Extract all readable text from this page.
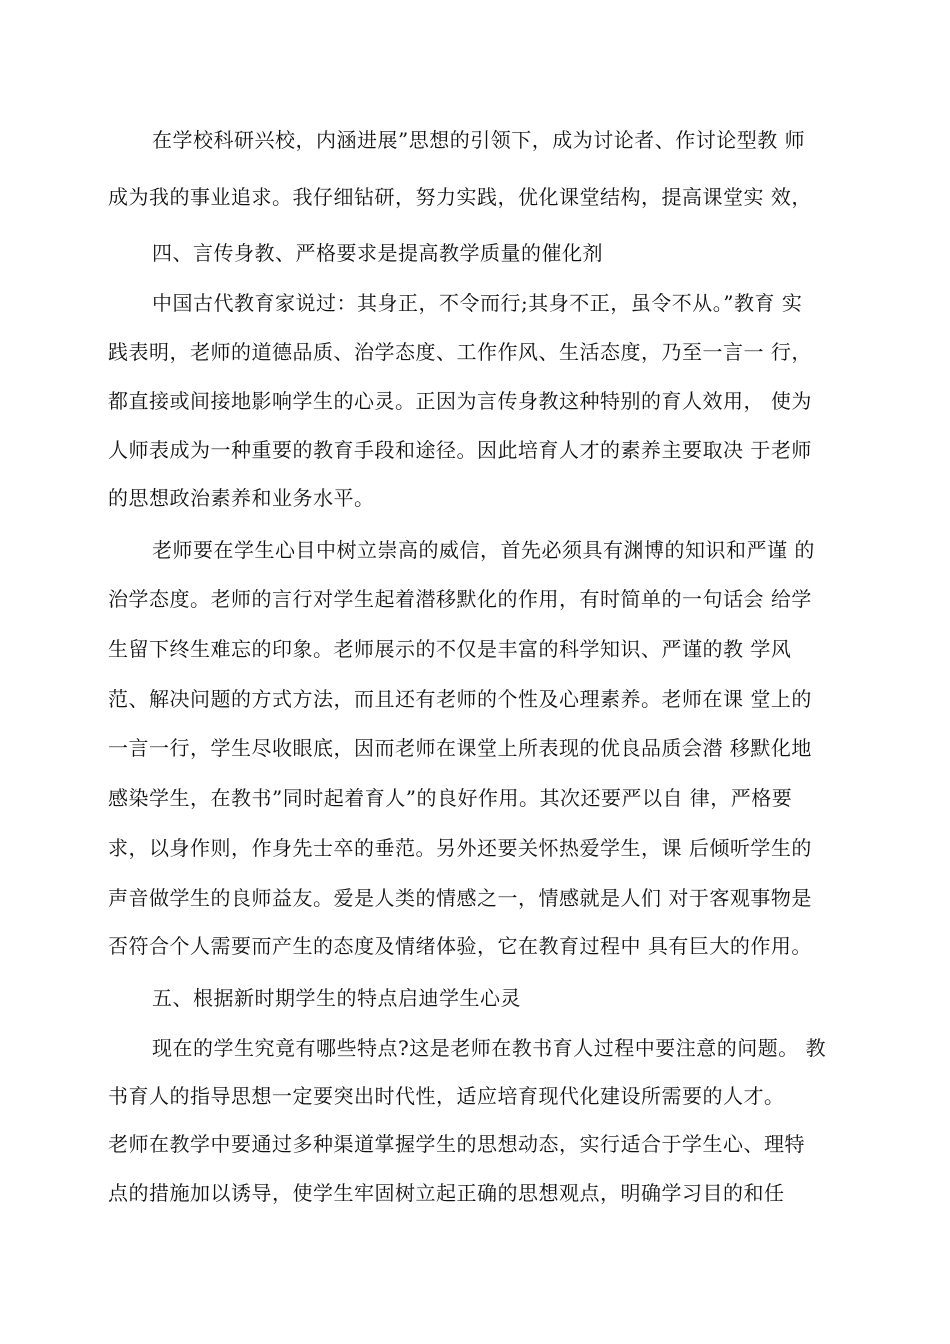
在学校科研兴校，内涵进展”思想的引领下，成为讨论者、作讨论型教 师
成为我的事业追求。我仔细钻研，努力实践，优化课堂结构，提高课堂实 效，
四、言传身教、严格要求是提高教学质量的催化剂
中国古代教育家说过：其身正，不令而行;其身不正，虽令不从。”教育 实
践表明，老师的道德品质、治学态度、工作作风、生活态度，乃至一言一 行，
都直接或间接地影响学生的心灵。正因为言传身教这种特别的育人效用， 使为
人师表成为一种重要的教育手段和途径。因此培育人才的素养主要取决 于老师
的思想政治素养和业务水平。
老师要在学生心目中树立崇高的威信，首先必须具有渊博的知识和严谨 的
治学态度。老师的言行对学生起着潜移默化的作用，有时简单的一句话会 给学
生留下终生难忘的印象。老师展示的不仅是丰富的科学知识、严谨的教 学风
范、解决问题的方式方法，而且还有老师的个性及心理素养。老师在课 堂上的
一言一行，学生尽收眼底，因而老师在课堂上所表现的优良品质会潜 移默化地
感染学生，在教书”同时起着育人”的良好作用。其次还要严以自 律，严格要
求，以身作则，作身先士卒的垂范。另外还要关怀热爱学生，课 后倾听学生的
声音做学生的良师益友。爱是人类的情感之一，情感就是人们 对于客观事物是
否符合个人需要而产生的态度及情绪体验，它在教育过程中 具有巨大的作用。
五、根据新时期学生的特点启迪学生心灵
现在的学生究竟有哪些特点?这是老师在教书育人过程中要注意的问题。 教
书育人的指导思想一定要突出时代性，适应培育现代化建设所需要的人才。
老师在教学中要通过多种渠道掌握学生的思想动态，实行适合于学生心、理特
点的措施加以诱导，使学生牢固树立起正确的思想观点，明确学习目的和任
